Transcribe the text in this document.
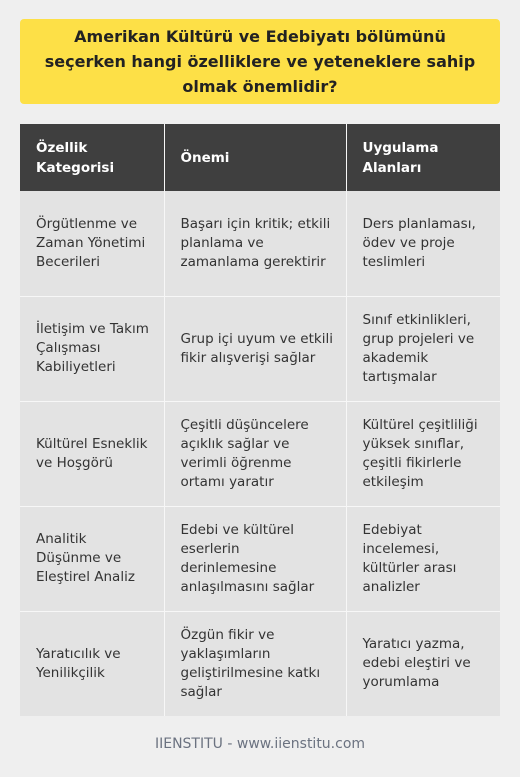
Amerikan Kültürü ve Edebiyatı bölümünü seçerken hangi özelliklere ve yeteneklere sahip olmak önemlidir?
Özellik Kategorisi	Önemi	Uygulama Alanları
Örgütlenme ve Zaman Yönetimi Becerileri	Başarı için kritik; etkili planlama ve zamanlama gerektirir	Ders planlaması, ödev ve proje teslimleri
İletişim ve Takım Çalışması Kabiliyetleri	Grup içi uyum ve etkili fikir alışverişi sağlar	Sınıf etkinlikleri, grup projeleri ve akademik tartışmalar
Kültürel Esneklik ve Hoşgörü	Çeşitli düşüncelere açıklık sağlar ve verimli öğrenme ortamı yaratır	Kültürel çeşitliliği yüksek sınıflar, çeşitli fikirlerle etkileşim
Analitik Düşünme ve Eleştirel Analiz	Edebi ve kültürel eserlerin derinlemesine anlaşılmasını sağlar	Edebiyat incelemesi, kültürler arası analizler
Yaratıcılık ve Yenilikçilik	Özgün fikir ve yaklaşımların geliştirilmesine katkı sağlar	Yaratıcı yazma, edebi eleştiri ve yorumlama
IIENSTITU - www.iienstitu.com
